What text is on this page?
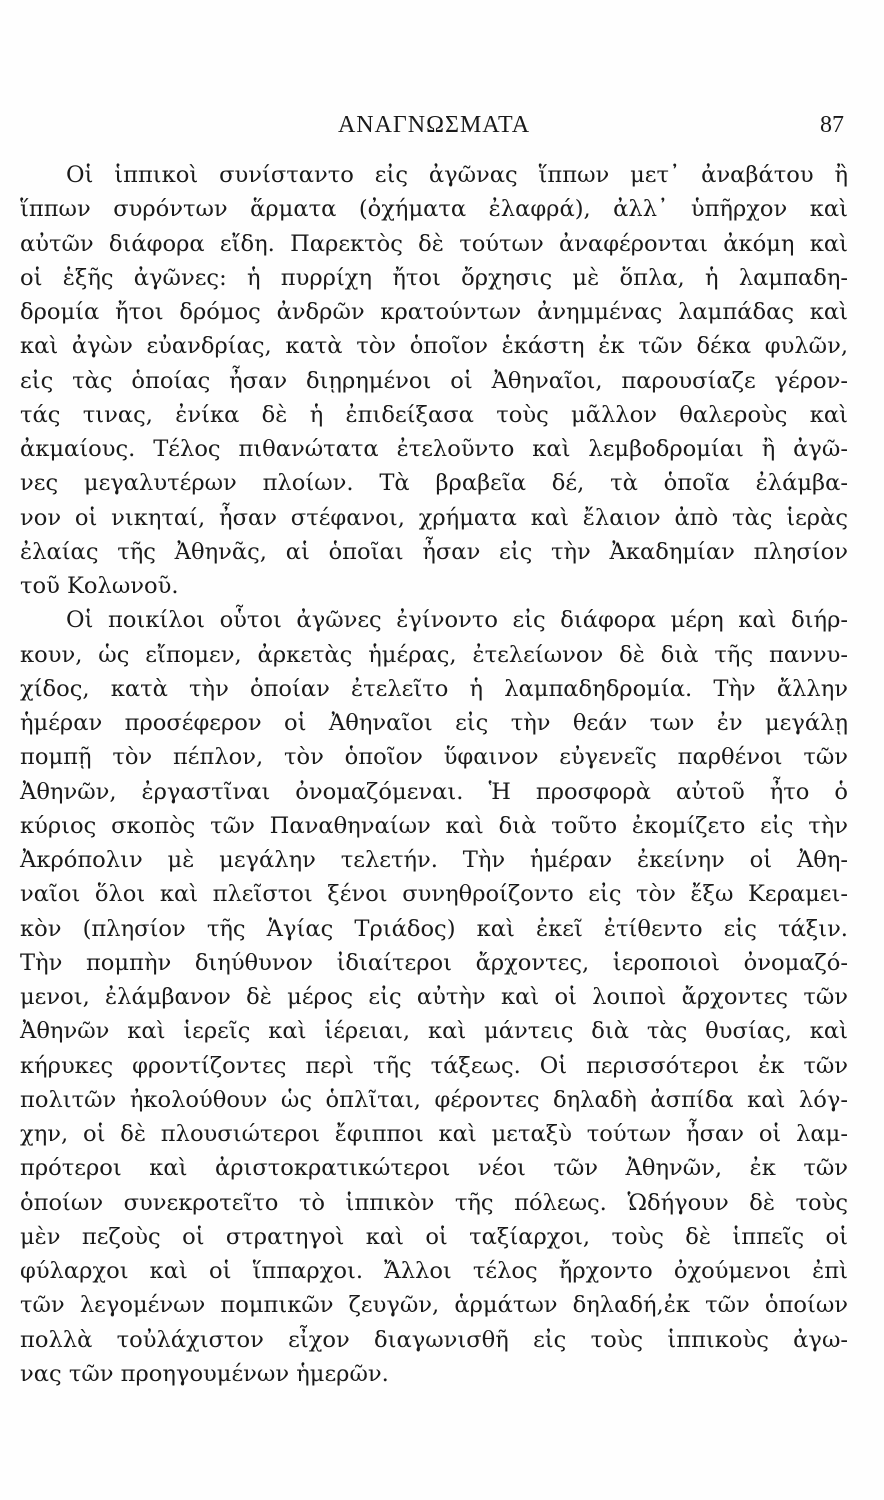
ΑΝΑΓΝΩΣΜΑΤΑ	87
Οἱ ἱππικοὶ συνίσταντο εἰς ἀγῶνας ἵππων μετ᾽ ἀναβάτου ἢ
ἵππων συρόντων ἅρματα (ὀχήματα ἐλαφρά), ἀλλ᾽ ὑπῆρχον καὶ
αὐτῶν διάφορα εἴδη. Παρεκτὸς δὲ τούτων ἀναφέρονται ἀκόμη καὶ
οἱ ἑξῆς ἀγῶνες: ἡ πυρρίχη ἤτοι ὄρχησις μὲ ὅπλα, ἡ λαμπαδη-
δρομία ἤτοι δρόμος ἀνδρῶν κρατούντων ἀνημμένας λαμπάδας καὶ
καὶ ἀγὼν εὐανδρίας, κατὰ τὸν ὁποῖον ἑκάστη ἐκ τῶν δέκα φυλῶν,
εἰς τὰς ὁποίας ἦσαν διῃρημένοι οἱ Ἀθηναῖοι, παρουσίαζε γέρον-
τάς τινας, ἐνίκα δὲ ἡ ἐπιδείξασα τοὺς μᾶλλον θαλεροὺς καὶ
ἀκμαίους. Τέλος πιθανώτατα ἐτελοῦντο καὶ λεμβοδρομίαι ἢ ἀγῶ-
νες μεγαλυτέρων πλοίων. Τὰ βραβεῖα δέ, τὰ ὁποῖα ἐλάμβα-
νον οἱ νικηταί, ἦσαν στέφανοι, χρήματα καὶ ἔλαιον ἀπὸ τὰς ἱερὰς
ἐλαίας τῆς Ἀθηνᾶς, αἱ ὁποῖαι ἦσαν εἰς τὴν Ἀκαδημίαν πλησίον
τοῦ Κολωνοῦ.
Οἱ ποικίλοι οὗτοι ἀγῶνες ἐγίνοντο εἰς διάφορα μέρη καὶ διήρ-
κουν, ὡς εἴπομεν, ἀρκετὰς ἡμέρας, ἐτελείωνον δὲ διὰ τῆς παννυ-
χίδος, κατὰ τὴν ὁποίαν ἐτελεῖτο ἡ λαμπαδηδρομία. Τὴν ἄλλην
ἡμέραν προσέφερον οἱ Ἀθηναῖοι εἰς τὴν θεάν των ἐν μεγάλῃ
πομπῇ τὸν πέπλον, τὸν ὁποῖον ὕφαινον εὐγενεῖς παρθένοι τῶν
Ἀθηνῶν, ἐργαστῖναι ὀνομαζόμεναι. Ἡ προσφορὰ αὐτοῦ ἦτο ὁ
κύριος σκοπὸς τῶν Παναθηναίων καὶ διὰ τοῦτο ἐκομίζετο εἰς τὴν
Ἀκρόπολιν μὲ μεγάλην τελετήν. Τὴν ἡμέραν ἐκείνην οἱ Ἀθη-
ναῖοι ὅλοι καὶ πλεῖστοι ξένοι συνηθροίζοντο εἰς τὸν ἔξω Κεραμει-
κὸν (πλησίον τῆς Ἁγίας Τριάδος) καὶ ἐκεῖ ἐτίθεντο εἰς τάξιν.
Τὴν πομπὴν διηύθυνον ἰδιαίτεροι ἄρχοντες, ἱεροποιοὶ ὀνομαζό-
μενοι, ἐλάμβανον δὲ μέρος εἰς αὐτὴν καὶ οἱ λοιποὶ ἄρχοντες τῶν
Ἀθηνῶν καὶ ἱερεῖς καὶ ἱέρειαι, καὶ μάντεις διὰ τὰς θυσίας, καὶ
κήρυκες φροντίζοντες περὶ τῆς τάξεως. Οἱ περισσότεροι ἐκ τῶν
πολιτῶν ἠκολούθουν ὡς ὁπλῖται, φέροντες δηλαδὴ ἀσπίδα καὶ λόγ-
χην, οἱ δὲ πλουσιώτεροι ἔφιπποι καὶ μεταξὺ τούτων ἦσαν οἱ λαμ-
πρότεροι καὶ ἀριστοκρατικώτεροι νέοι τῶν Ἀθηνῶν, ἐκ τῶν
ὁποίων συνεκροτεῖτο τὸ ἱππικὸν τῆς πόλεως. Ὡδήγουν δὲ τοὺς
μὲν πεζοὺς οἱ στρατηγοὶ καὶ οἱ ταξίαρχοι, τοὺς δὲ ἱππεῖς οἱ
φύλαρχοι καὶ οἱ ἵππαρχοι. Ἄλλοι τέλος ἤρχοντο ὀχούμενοι ἐπὶ
τῶν λεγομένων πομπικῶν ζευγῶν, ἁρμάτων δηλαδή,ἐκ τῶν ὁποίων
πολλὰ τοὐλάχιστον εἶχον διαγωνισθῆ εἰς τοὺς ἱππικοὺς ἀγω-
νας τῶν προηγουμένων ἡμερῶν.
